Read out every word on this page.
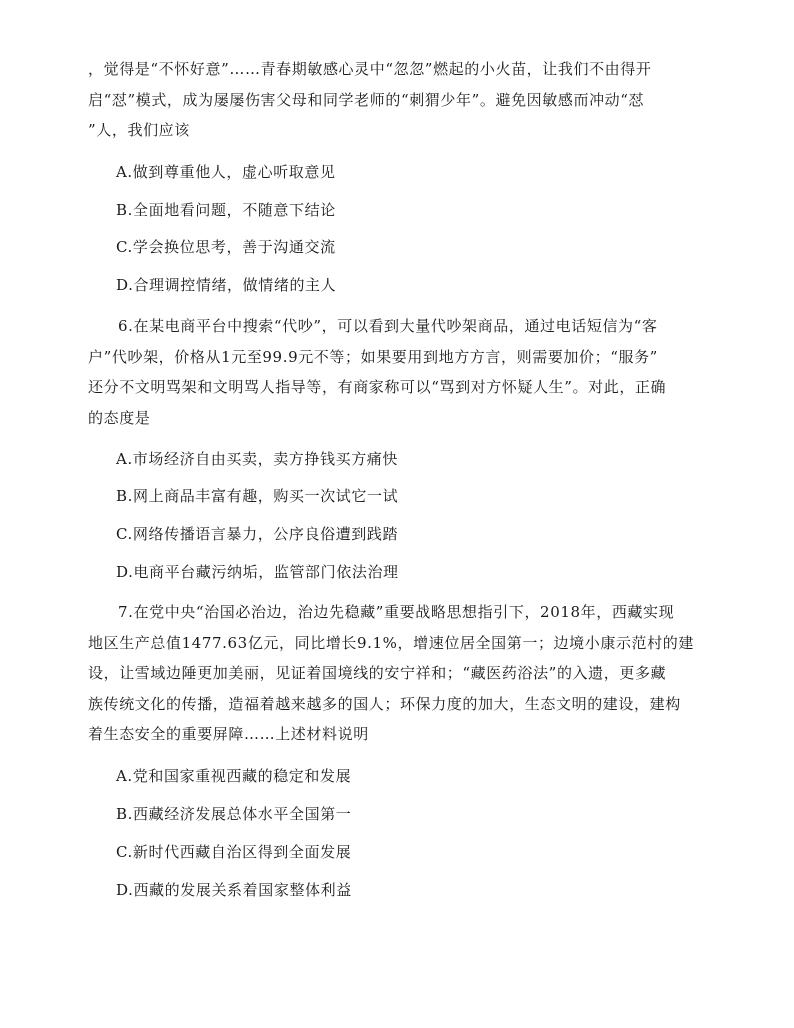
，觉得是“不怀好意”……青春期敏感心灵中“忽忽”燃起的小火苗，让我们不由得开
启“怼”模式，成为屡屡伤害父母和同学老师的“刺猬少年”。避免因敏感而冲动“怼
”人，我们应该
A.做到尊重他人，虚心听取意见
B.全面地看问题，不随意下结论
C.学会换位思考，善于沟通交流
D.合理调控情绪，做情绪的主人
6.在某电商平台中搜索“代吵”，可以看到大量代吵架商品，通过电话短信为“客
户”代吵架，价格从1元至99.9元不等；如果要用到地方方言，则需要加价；“服务”
还分不文明骂架和文明骂人指导等，有商家称可以“骂到对方怀疑人生”。对此，正确
的态度是
A.市场经济自由买卖，卖方挣钱买方痛快
B.网上商品丰富有趣，购买一次试它一试
C.网络传播语言暴力，公序良俗遭到践踏
D.电商平台藏污纳垢，监管部门依法治理
7.在党中央“治国必治边，治边先稳藏”重要战略思想指引下，2018年，西藏实现
地区生产总值1477.63亿元，同比增长9.1%，增速位居全国第一；边境小康示范村的建
设，让雪域边陲更加美丽，见证着国境线的安宁祥和；“藏医药浴法”的入遗，更多藏
族传统文化的传播，造福着越来越多的国人；环保力度的加大，生态文明的建设，建构
着生态安全的重要屏障……上述材料说明
A.党和国家重视西藏的稳定和发展
B.西藏经济发展总体水平全国第一
C.新时代西藏自治区得到全面发展
D.西藏的发展关系着国家整体利益
